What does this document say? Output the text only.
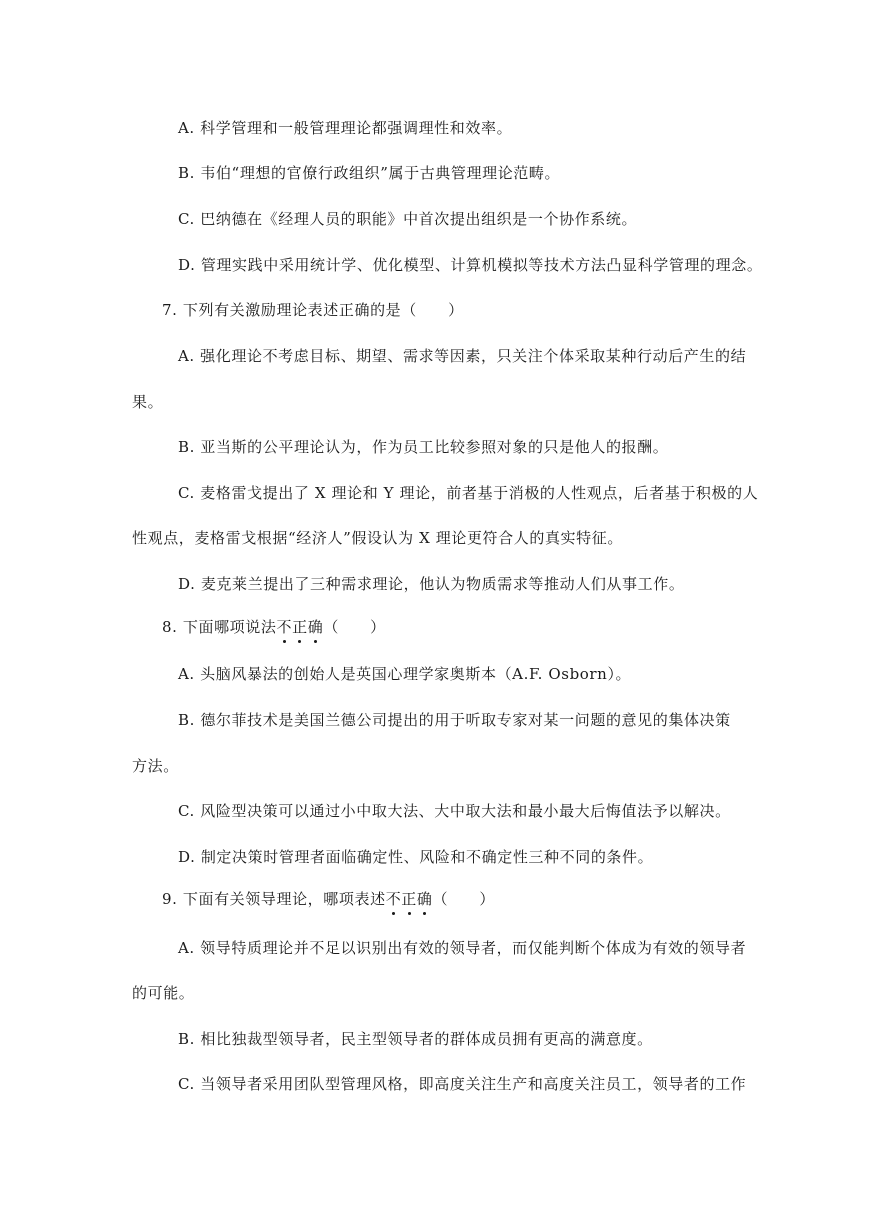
A. 科学管理和一般管理理论都强调理性和效率。
B. 韦伯“理想的官僚行政组织”属于古典管理理论范畴。
C. 巴纳德在《经理人员的职能》中首次提出组织是一个协作系统。
D. 管理实践中采用统计学、优化模型、计算机模拟等技术方法凸显科学管理的理念。
7. 下列有关激励理论表述正确的是（　　）
A. 强化理论不考虑目标、期望、需求等因素，只关注个体采取某种行动后产生的结
果。
B. 亚当斯的公平理论认为，作为员工比较参照对象的只是他人的报酬。
C. 麦格雷戈提出了 X 理论和 Y 理论，前者基于消极的人性观点，后者基于积极的人
性观点，麦格雷戈根据“经济人”假设认为 X 理论更符合人的真实特征。
D. 麦克莱兰提出了三种需求理论，他认为物质需求等推动人们从事工作。
8. 下面哪项说法不正确（　　）
A. 头脑风暴法的创始人是英国心理学家奥斯本（A.F. Osborn）。
B. 德尔菲技术是美国兰德公司提出的用于听取专家对某一问题的意见的集体决策
方法。
C. 风险型决策可以通过小中取大法、大中取大法和最小最大后悔值法予以解决。
D. 制定决策时管理者面临确定性、风险和不确定性三种不同的条件。
9. 下面有关领导理论，哪项表述不正确（　　）
A. 领导特质理论并不足以识别出有效的领导者，而仅能判断个体成为有效的领导者
的可能。
B. 相比独裁型领导者，民主型领导者的群体成员拥有更高的满意度。
C. 当领导者采用团队型管理风格，即高度关注生产和高度关注员工，领导者的工作
